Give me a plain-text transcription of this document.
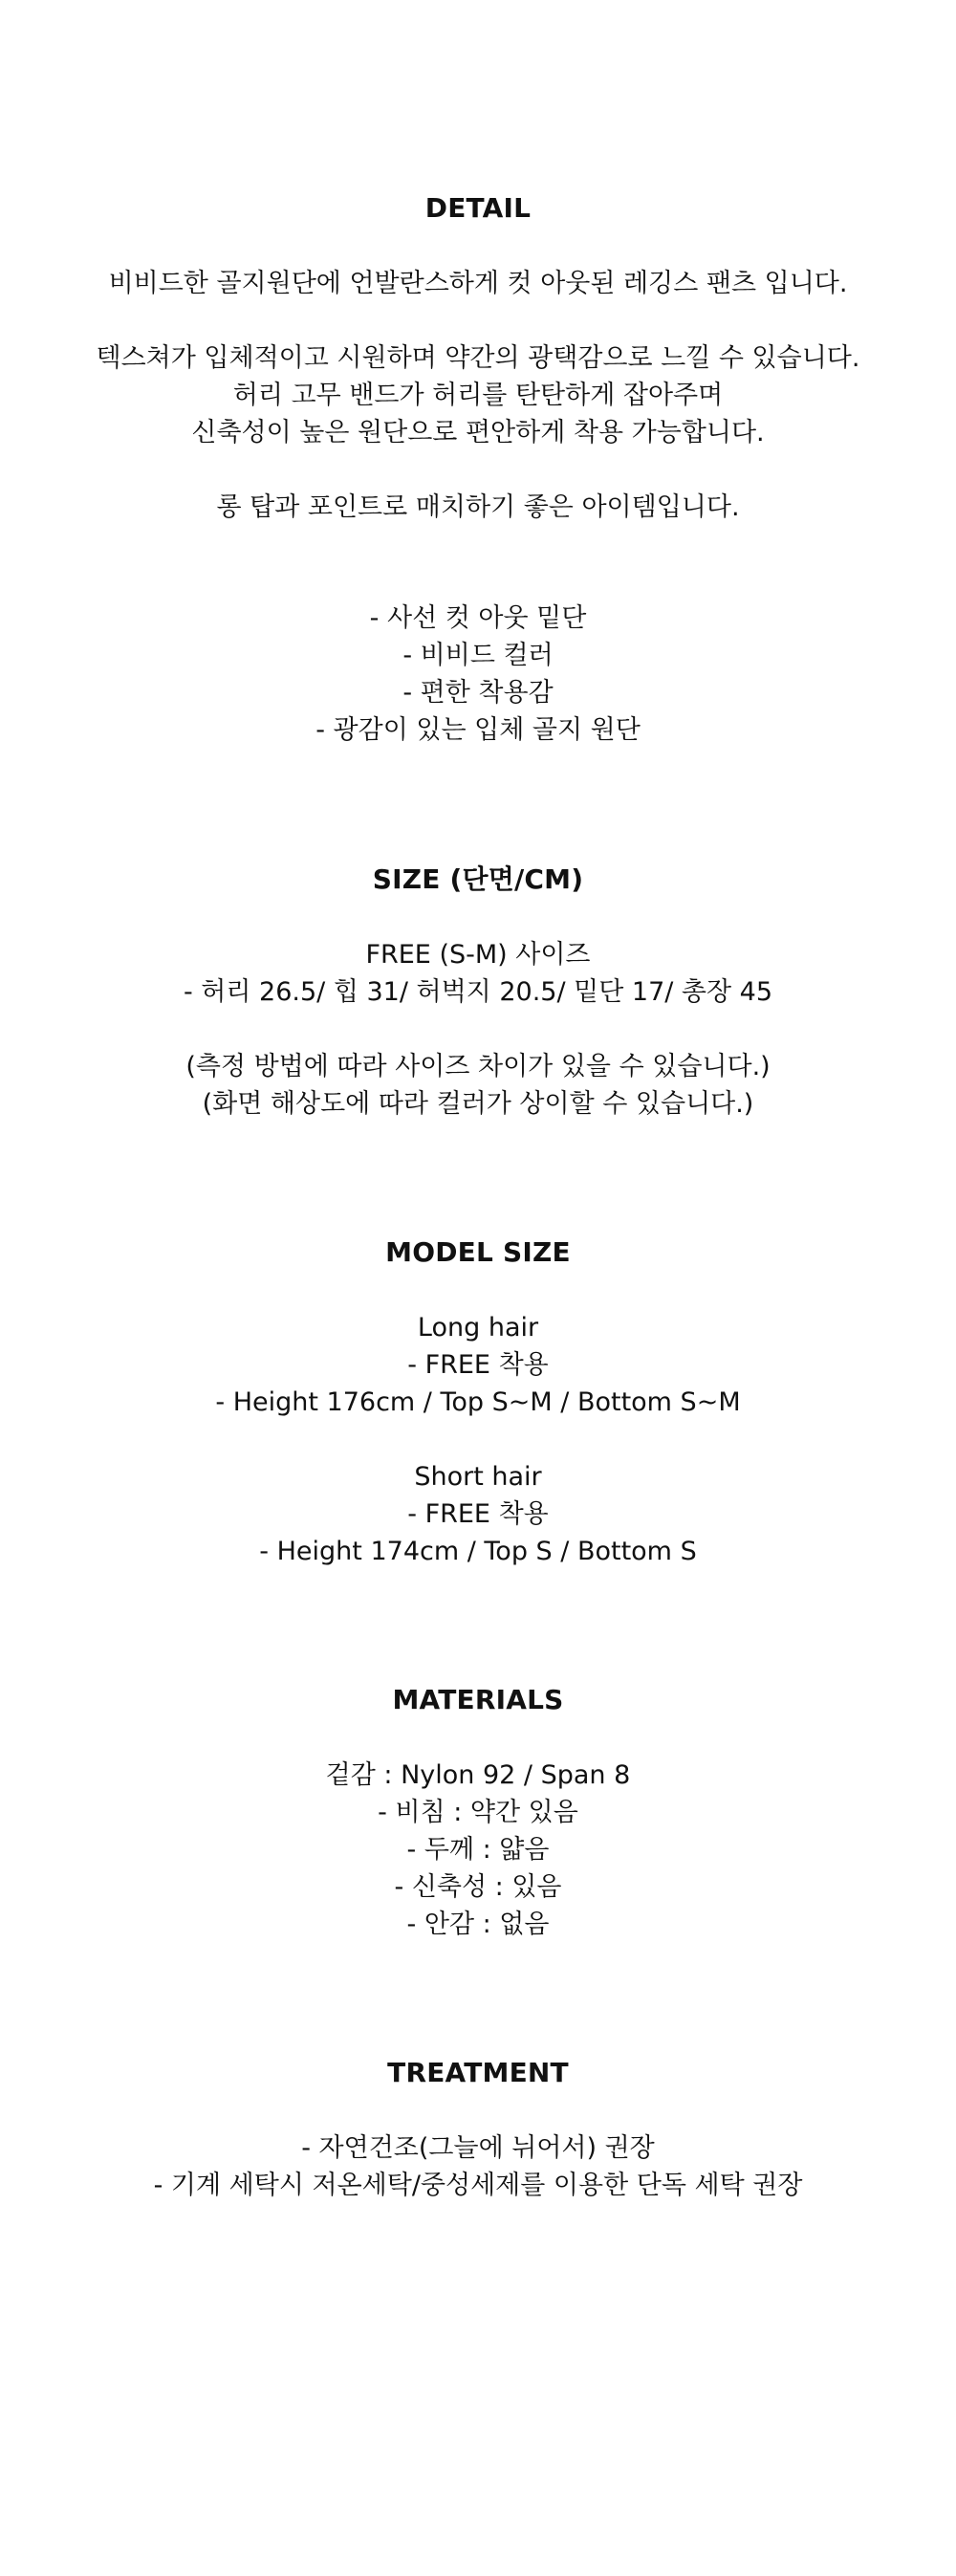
DETAIL

비비드한 골지원단에 언발란스하게 컷 아웃된 레깅스 팬츠 입니다.

텍스쳐가 입체적이고 시원하며 약간의 광택감으로 느낄 수 있습니다.

허리 고무 밴드가 허리를 탄탄하게 잡아주며

신축성이 높은 원단으로 편안하게 착용 가능합니다.

롱 탑과 포인트로 매치하기 좋은 아이템입니다.

- 사선 컷 아웃 밑단

- 비비드 컬러

- 편한 착용감

- 광감이 있는 입체 골지 원단

SIZE (단면/CM)

FREE (S-M) 사이즈

- 허리 26.5/ 힙 31/ 허벅지 20.5/ 밑단 17/ 총장 45

(측정 방법에 따라 사이즈 차이가 있을 수 있습니다.)

(화면 해상도에 따라 컬러가 상이할 수 있습니다.)

MODEL SIZE

Long hair

- FREE 착용

- Height 176cm / Top S~M / Bottom S~M

Short hair

- FREE 착용

- Height 174cm / Top S / Bottom S

MATERIALS

겉감 : Nylon 92 / Span 8

- 비침 : 약간 있음

- 두께 : 얇음

- 신축성 : 있음

- 안감 : 없음

TREATMENT

- 자연건조(그늘에 뉘어서) 권장

- 기계 세탁시 저온세탁/중성세제를 이용한 단독 세탁 권장
